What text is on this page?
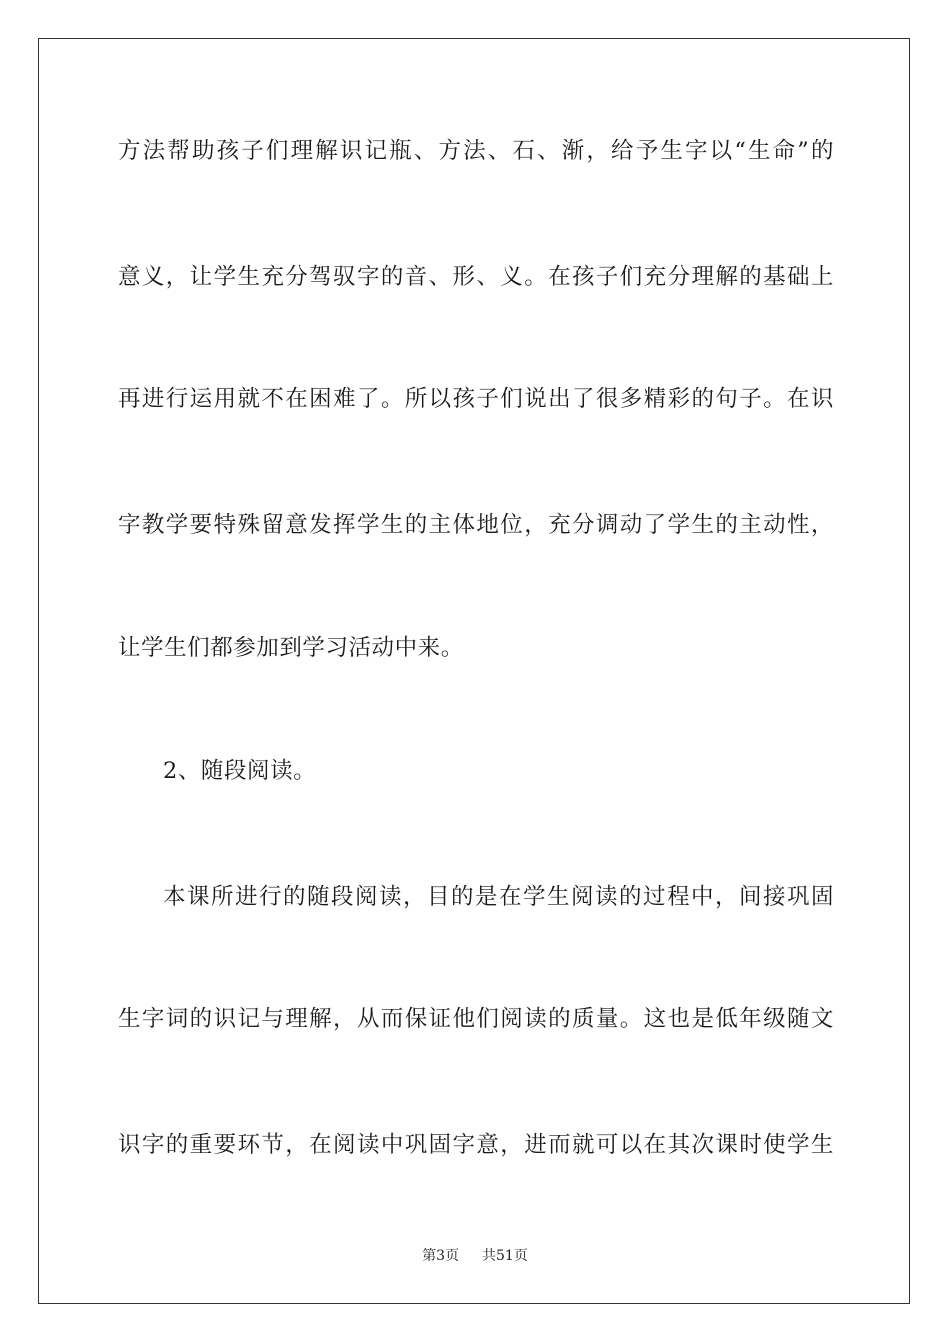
方法帮助孩子们理解识记瓶、方法、石、渐，给予生字以“生命”的
意义，让学生充分驾驭字的音、形、义。在孩子们充分理解的基础上
再进行运用就不在困难了。所以孩子们说出了很多精彩的句子。在识
字教学要特殊留意发挥学生的主体地位，充分调动了学生的主动性，
让学生们都参加到学习活动中来。
2、随段阅读。
本课所进行的随段阅读，目的是在学生阅读的过程中，间接巩固
生字词的识记与理解，从而保证他们阅读的质量。这也是低年级随文
识字的重要环节，在阅读中巩固字意，进而就可以在其次课时使学生
第3页 共51页
